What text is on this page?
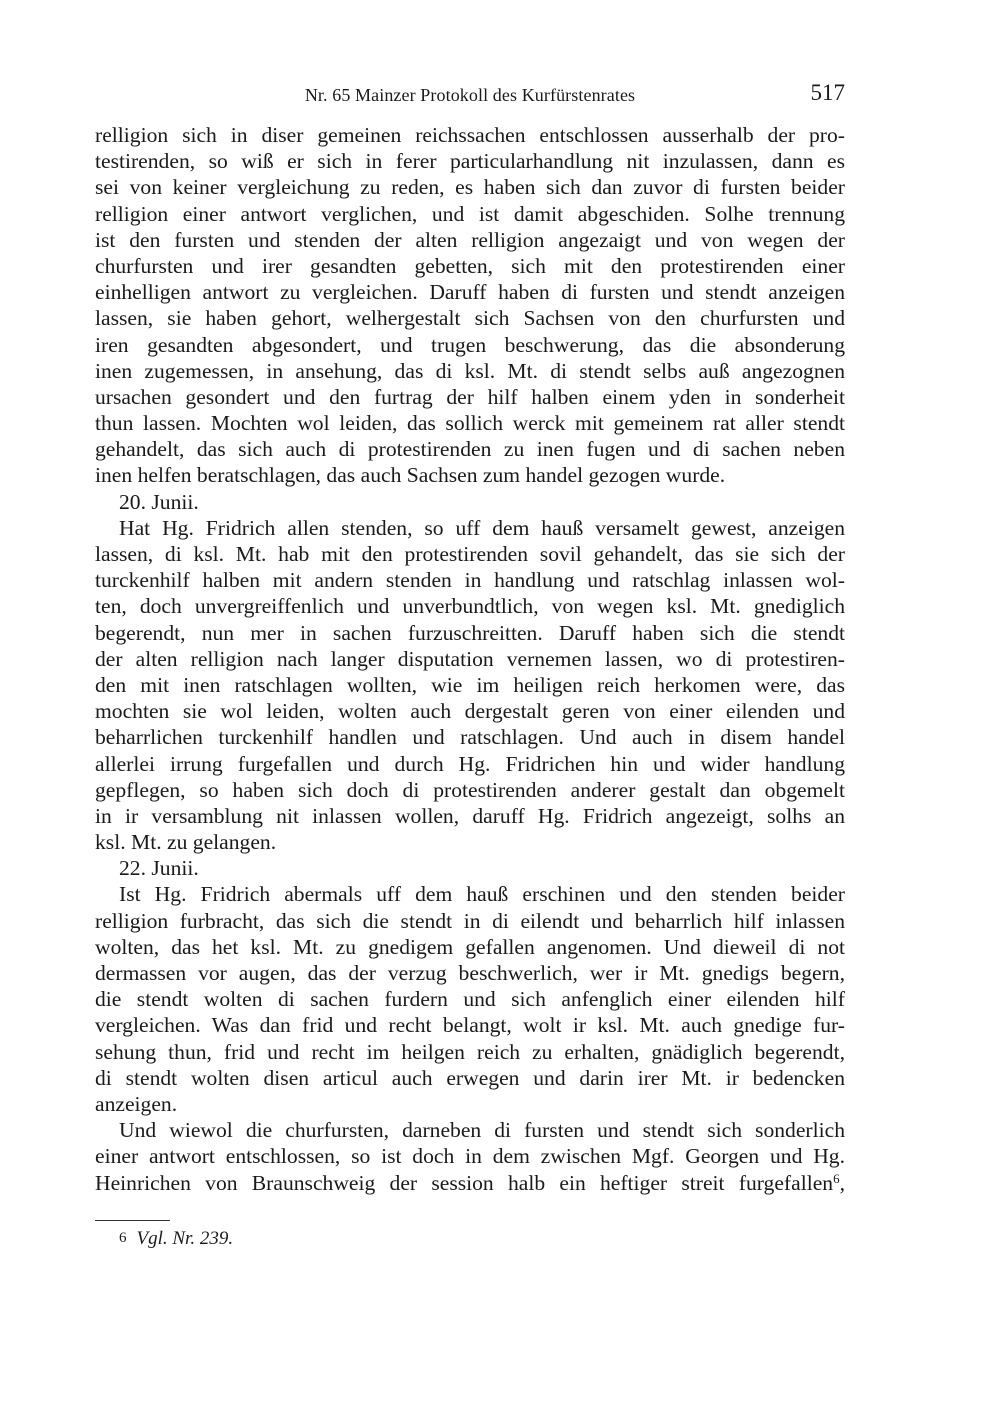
Nr. 65 Mainzer Protokoll des Kurfürstenrates	517
relligion sich in diser gemeinen reichssachen entschlossen ausserhalb der pro-
testirenden, so wiß er sich in ferer particularhandlung nit inzulassen, dann es
sei von keiner vergleichung zu reden, es haben sich dan zuvor di fursten beider
relligion einer antwort verglichen, und ist damit abgeschiden. Solhe trennung
ist den fursten und stenden der alten relligion angezaigt und von wegen der
churfursten und irer gesandten gebetten, sich mit den protestirenden einer
einhelligen antwort zu vergleichen. Daruff haben di fursten und stendt anzeigen
lassen, sie haben gehort, welhergestalt sich Sachsen von den churfursten und
iren gesandten abgesondert, und trugen beschwerung, das die absonderung
inen zugemessen, in ansehung, das di ksl. Mt. di stendt selbs auß angezognen
ursachen gesondert und den furtrag der hilf halben einem yden in sonderheit
thun lassen. Mochten wol leiden, das sollich werck mit gemeinem rat aller stendt
gehandelt, das sich auch di protestirenden zu inen fugen und di sachen neben
inen helfen beratschlagen, das auch Sachsen zum handel gezogen wurde.
20. Junii.
Hat Hg. Fridrich allen stenden, so uff dem hauß versamelt gewest, anzeigen
lassen, di ksl. Mt. hab mit den protestirenden sovil gehandelt, das sie sich der
turckenhilf halben mit andern stenden in handlung und ratschlag inlassen wol-
ten, doch unvergreiffenlich und unverbundtlich, von wegen ksl. Mt. gnediglich
begerendt, nun mer in sachen furzuschreitten. Daruff haben sich die stendt
der alten relligion nach langer disputation vernemen lassen, wo di protestiren-
den mit inen ratschlagen wollten, wie im heiligen reich herkomen were, das
mochten sie wol leiden, wolten auch dergestalt geren von einer eilenden und
beharrlichen turckenhilf handlen und ratschlagen. Und auch in disem handel
allerlei irrung furgefallen und durch Hg. Fridrichen hin und wider handlung
gepflegen, so haben sich doch di protestirenden anderer gestalt dan obgemelt
in ir versamblung nit inlassen wollen, daruff Hg. Fridrich angezeigt, solhs an
ksl. Mt. zu gelangen.
22. Junii.
Ist Hg. Fridrich abermals uff dem hauß erschinen und den stenden beider
relligion furbracht, das sich die stendt in di eilendt und beharrlich hilf inlassen
wolten, das het ksl. Mt. zu gnedigem gefallen angenomen. Und dieweil di not
dermassen vor augen, das der verzug beschwerlich, wer ir Mt. gnedigs begern,
die stendt wolten di sachen furdern und sich anfenglich einer eilenden hilf
vergleichen. Was dan frid und recht belangt, wolt ir ksl. Mt. auch gnedige fur-
sehung thun, frid und recht im heilgen reich zu erhalten, gnädiglich begerendt,
di stendt wolten disen articul auch erwegen und darin irer Mt. ir bedencken
anzeigen.
Und wiewol die churfursten, darneben di fursten und stendt sich sonderlich
einer antwort entschlossen, so ist doch in dem zwischen Mgf. Georgen und Hg.
Heinrichen von Braunschweig der session halb ein heftiger streit furgefallen$^6$,
$^6$ Vgl. Nr. 239.
